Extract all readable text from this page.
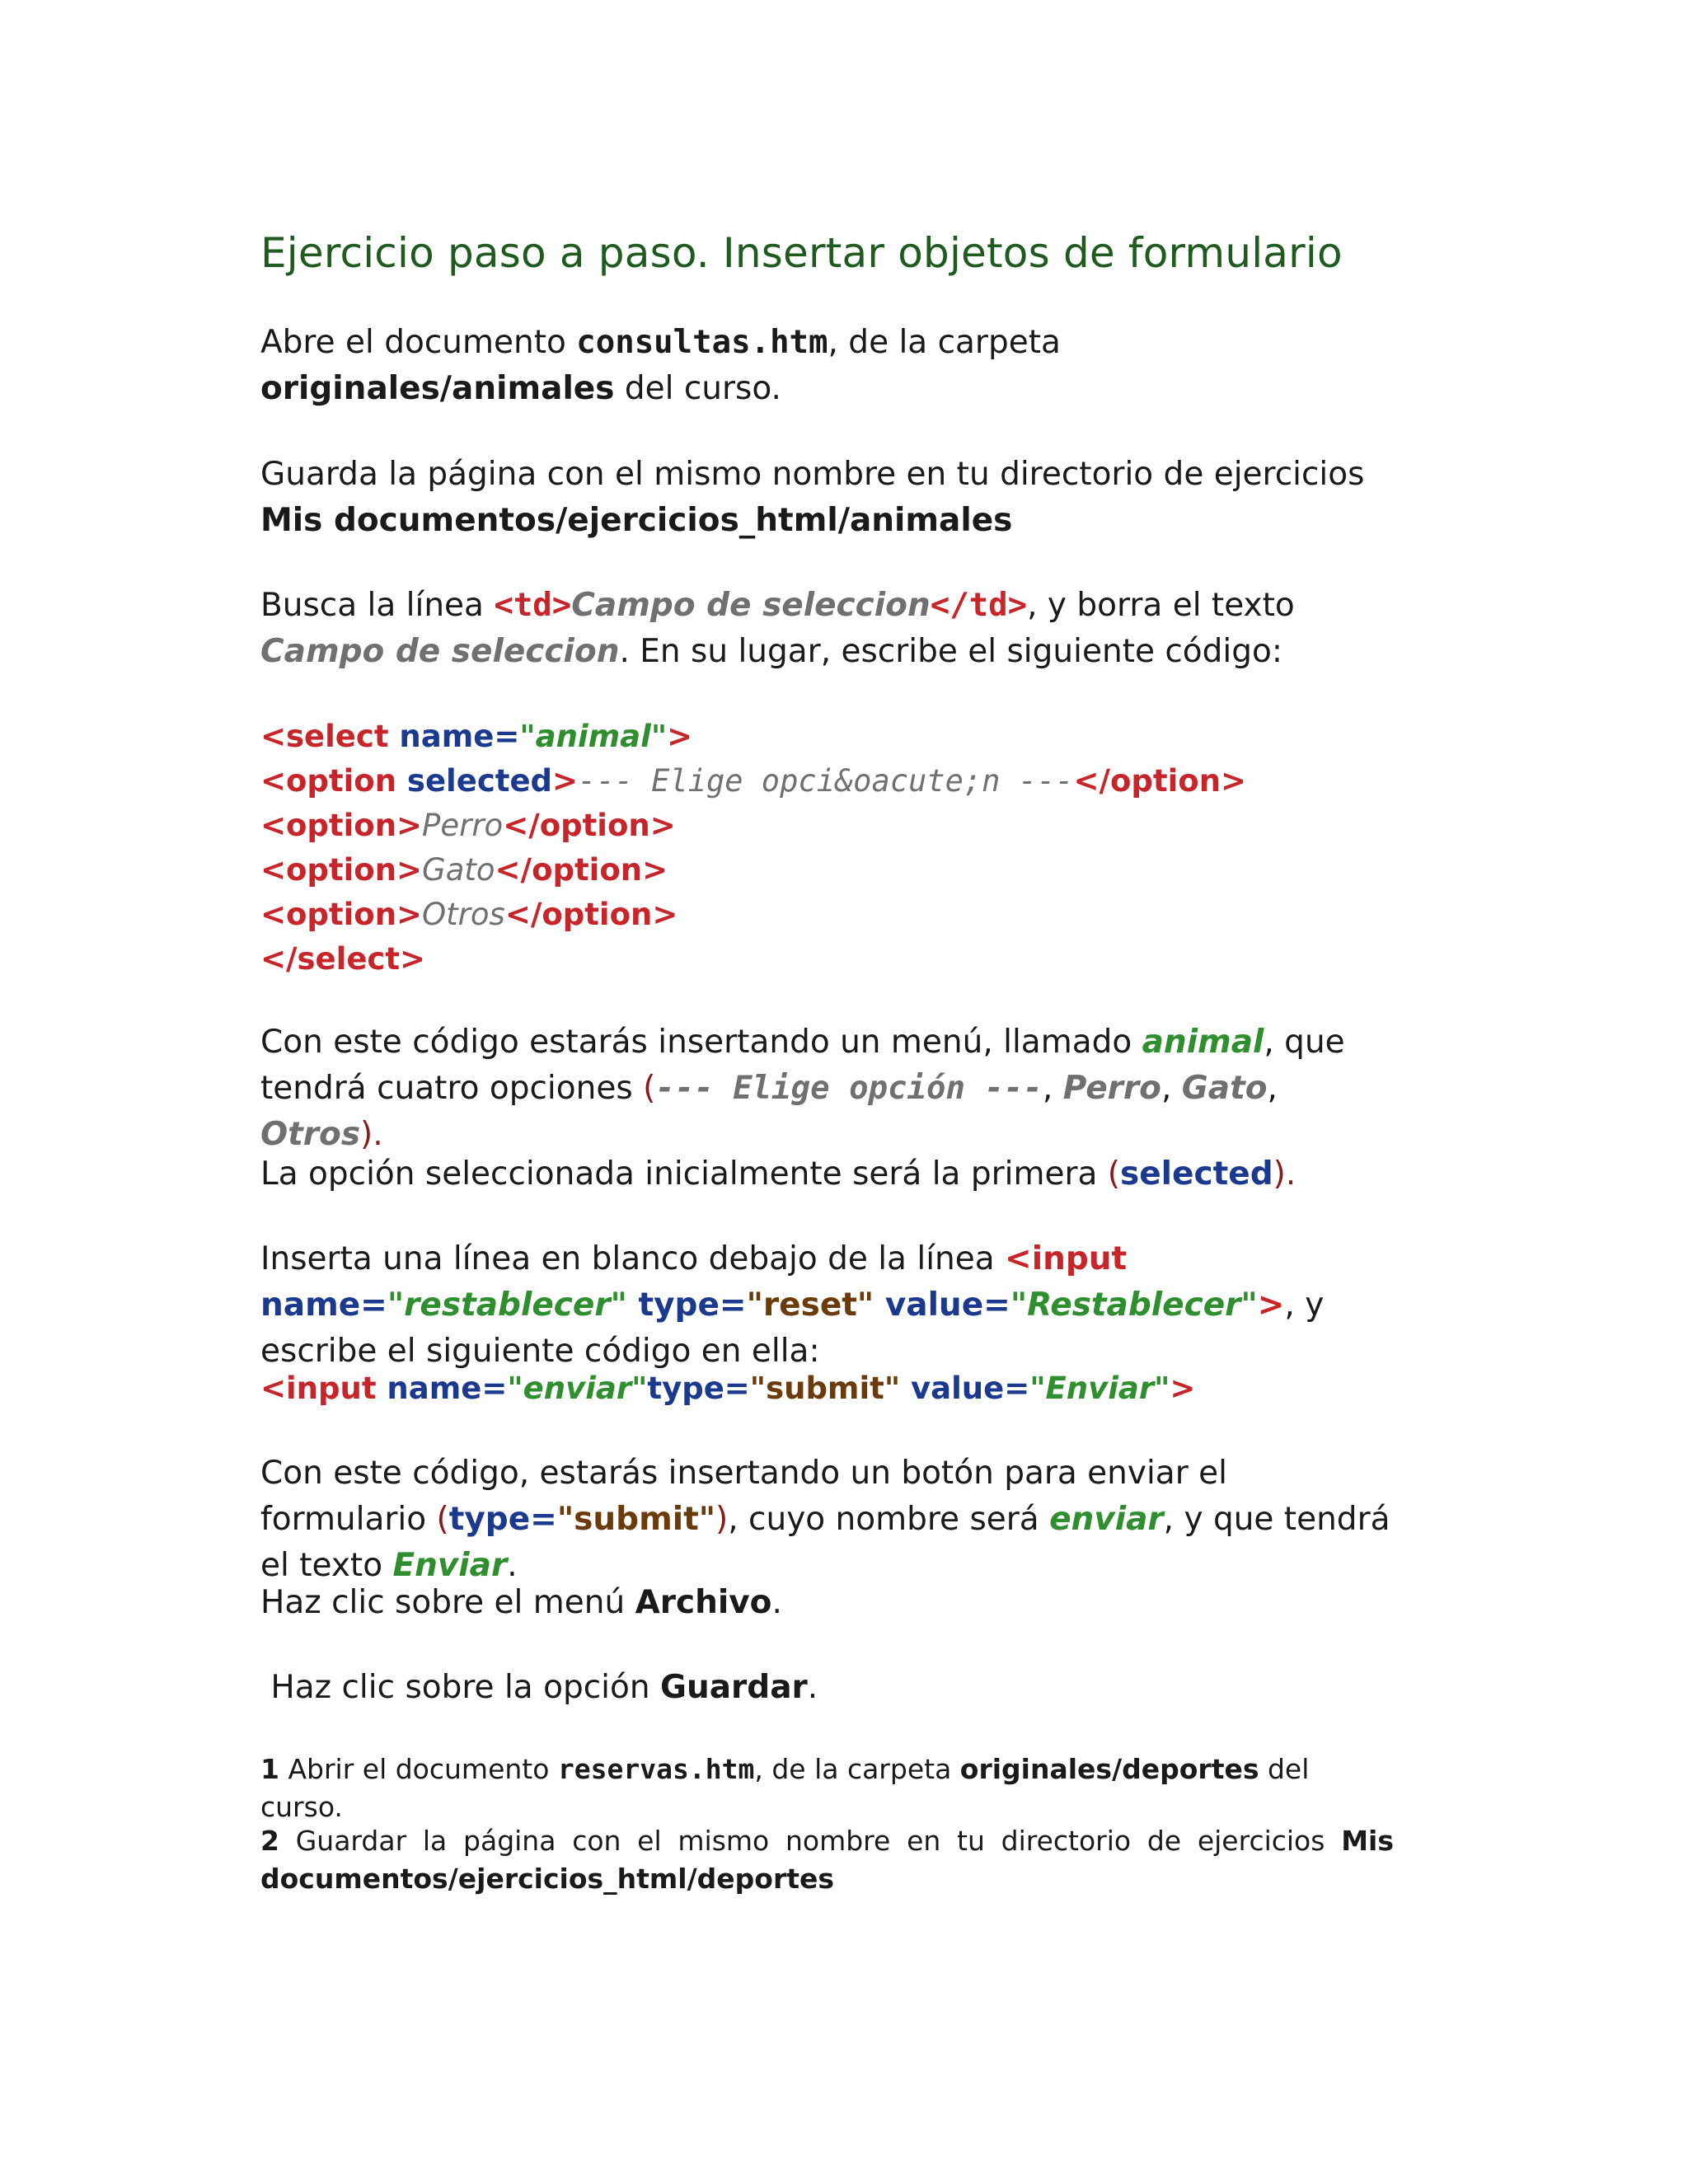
Ejercicio paso a paso. Insertar objetos de formulario

Abre el documento consultas.htm, de la carpeta originales/animales del curso.

Guarda la página con el mismo nombre en tu directorio de ejercicios Mis documentos/ejercicios_html/animales

Busca la línea <td>Campo de seleccion</td>, y borra el texto Campo de seleccion. En su lugar, escribe el siguiente código:

<select name="animal">
<option selected>--- Elige opci&oacute;n ---</option>
<option>Perro</option>
<option>Gato</option>
<option>Otros</option>
</select>

Con este código estarás insertando un menú, llamado animal, que tendrá cuatro opciones (--- Elige opción ---, Perro, Gato, Otros).

La opción seleccionada inicialmente será la primera (selected).

Inserta una línea en blanco debajo de la línea <input name="restablecer" type="reset" value="Restablecer">, y escribe el siguiente código en ella:

<input name="enviar"type="submit" value="Enviar">

Con este código, estarás insertando un botón para enviar el formulario (type="submit"), cuyo nombre será enviar, y que tendrá el texto Enviar.

Haz clic sobre el menú Archivo.

Haz clic sobre la opción Guardar.

1 Abrir el documento reservas.htm, de la carpeta originales/deportes del curso.

2 Guardar la página con el mismo nombre en tu directorio de ejercicios Mis

documentos/ejercicios_html/deportes
